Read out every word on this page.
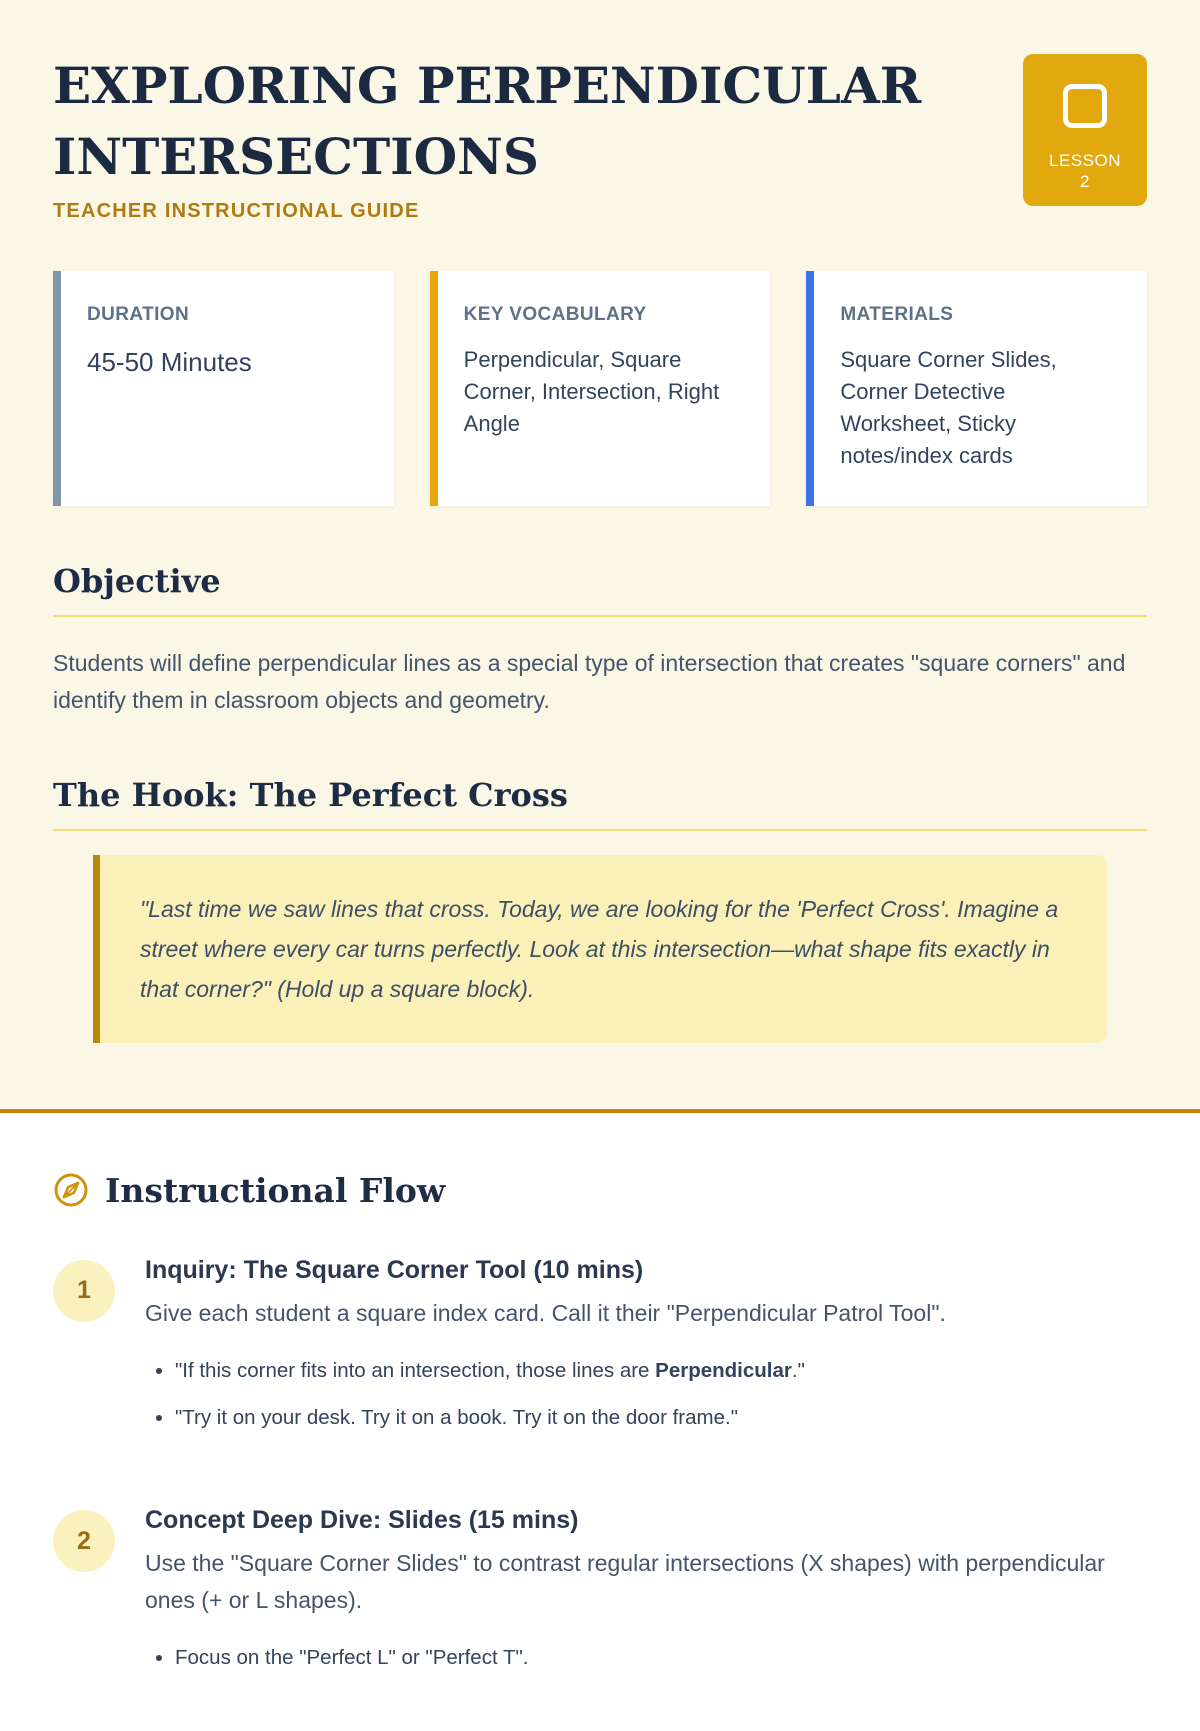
EXPLORING PERPENDICULAR INTERSECTIONS
TEACHER INSTRUCTIONAL GUIDE
LESSON
2
DURATION

45-50 Minutes

KEY VOCABULARY

Perpendicular, Square Corner, Intersection, Right Angle

MATERIALS

Square Corner Slides, Corner Detective Worksheet, Sticky notes/index cards

Objective

Students will define perpendicular lines as a special type of intersection that creates "square corners" and identify them in classroom objects and geometry.

The Hook: The Perfect Cross

"Last time we saw lines that cross. Today, we are looking for the 'Perfect Cross'. Imagine a street where every car turns perfectly. Look at this intersection—what shape fits exactly in that corner?" (Hold up a square block).

Instructional Flow
1
Inquiry: The Square Corner Tool (10 mins)

Give each student a square index card. Call it their "Perpendicular Patrol Tool".

• "If this corner fits into an intersection, those lines are Perpendicular."
• "Try it on your desk. Try it on a book. Try it on the door frame."
2
Concept Deep Dive: Slides (15 mins)

Use the "Square Corner Slides" to contrast regular intersections (X shapes) with perpendicular ones (+ or L shapes).

• Focus on the "Perfect L" or "Perfect T".
